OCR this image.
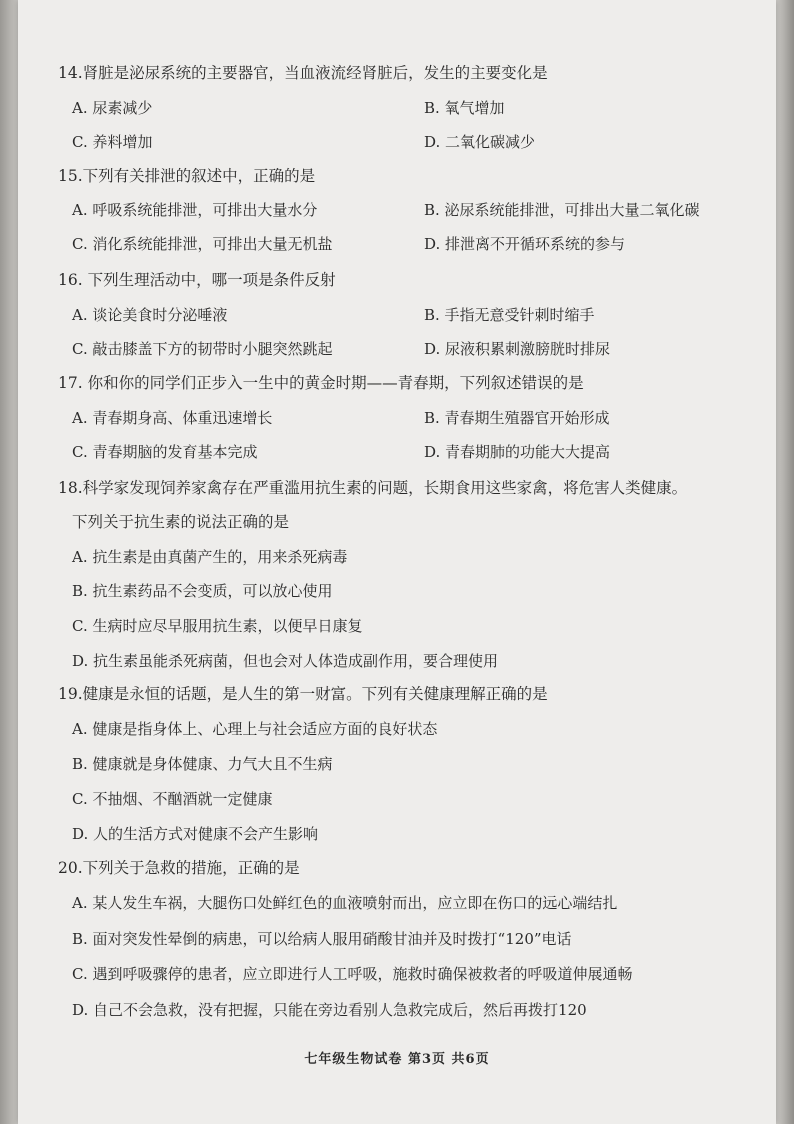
14.肾脏是泌尿系统的主要器官，当血液流经肾脏后，发生的主要变化是
A. 尿素减少	B. 氧气增加
C. 养料增加	D. 二氧化碳减少
15.下列有关排泄的叙述中，正确的是
A. 呼吸系统能排泄，可排出大量水分	B. 泌尿系统能排泄，可排出大量二氧化碳
C. 消化系统能排泄，可排出大量无机盐	D. 排泄离不开循环系统的参与
16. 下列生理活动中，哪一项是条件反射
A. 谈论美食时分泌唾液	B. 手指无意受针刺时缩手
C. 敲击膝盖下方的韧带时小腿突然跳起	D. 尿液积累刺激膀胱时排尿
17. 你和你的同学们正步入一生中的黄金时期——青春期，下列叙述错误的是
A. 青春期身高、体重迅速增长	B. 青春期生殖器官开始形成
C. 青春期脑的发育基本完成	D. 青春期肺的功能大大提高
18.科学家发现饲养家禽存在严重滥用抗生素的问题，长期食用这些家禽，将危害人类健康。
下列关于抗生素的说法正确的是
A. 抗生素是由真菌产生的，用来杀死病毒
B. 抗生素药品不会变质，可以放心使用
C. 生病时应尽早服用抗生素，以便早日康复
D. 抗生素虽能杀死病菌，但也会对人体造成副作用，要合理使用
19.健康是永恒的话题，是人生的第一财富。下列有关健康理解正确的是
A. 健康是指身体上、心理上与社会适应方面的良好状态
B. 健康就是身体健康、力气大且不生病
C. 不抽烟、不酗酒就一定健康
D. 人的生活方式对健康不会产生影响
20.下列关于急救的措施，正确的是
A. 某人发生车祸，大腿伤口处鲜红色的血液喷射而出，应立即在伤口的远心端结扎
B. 面对突发性晕倒的病患，可以给病人服用硝酸甘油并及时拨打“120”电话
C. 遇到呼吸骤停的患者，应立即进行人工呼吸，施救时确保被救者的呼吸道伸展通畅
D. 自己不会急救，没有把握，只能在旁边看别人急救完成后，然后再拨打120
七年级生物试卷 第3页 共6页
